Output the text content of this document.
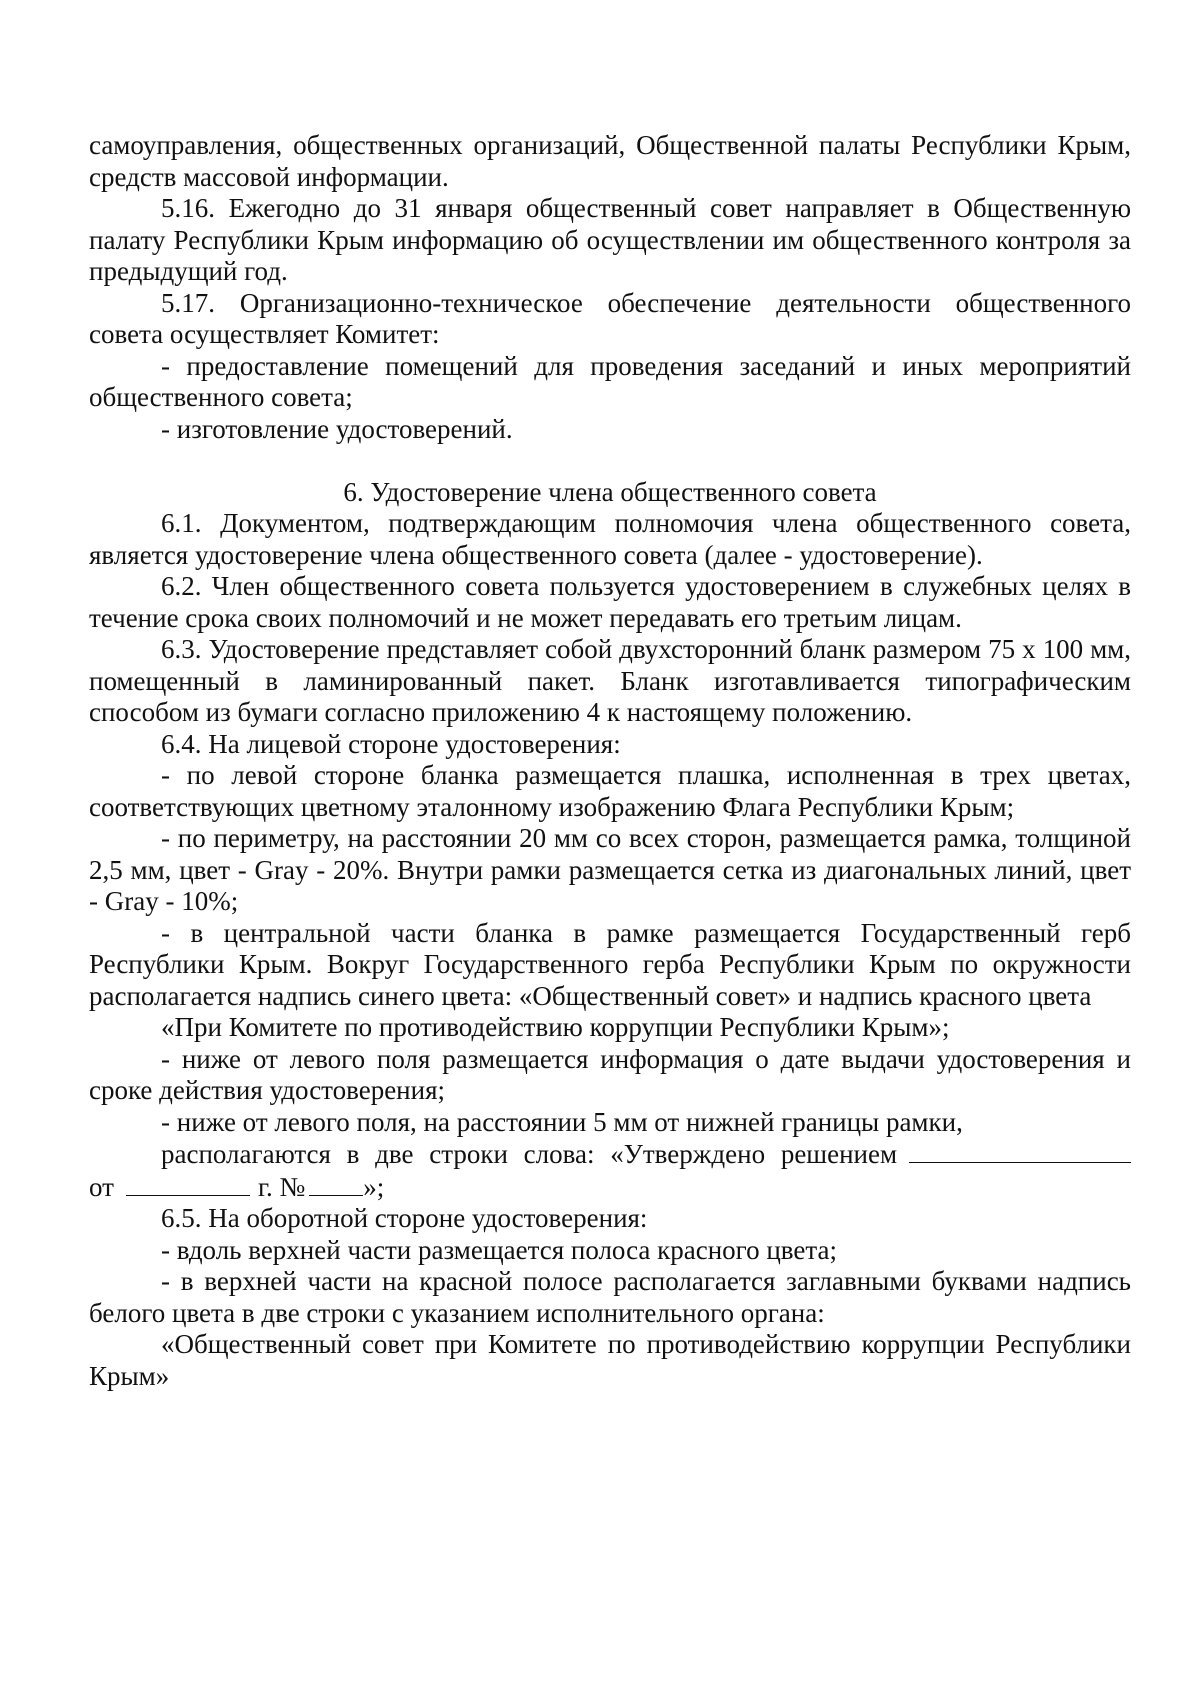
самоуправления, общественных организаций, Общественной палаты Республики Крым, средств массовой информации.

5.16. Ежегодно до 31 января общественный совет направляет в Общественную палату Республики Крым информацию об осуществлении им общественного контроля за предыдущий год.

5.17. Организационно-техническое обеспечение деятельности общественного совета осуществляет Комитет:

- предоставление помещений для проведения заседаний и иных мероприятий общественного совета;

- изготовление удостоверений.

6. Удостоверение члена общественного совета

6.1. Документом, подтверждающим полномочия члена общественного совета, является удостоверение члена общественного совета (далее - удостоверение).

6.2. Член общественного совета пользуется удостоверением в служебных целях в течение срока своих полномочий и не может передавать его третьим лицам.

6.3. Удостоверение представляет собой двухсторонний бланк размером 75 х 100 мм, помещенный в ламинированный пакет. Бланк изготавливается типографическим способом из бумаги согласно приложению 4 к настоящему положению.

6.4. На лицевой стороне удостоверения:

- по левой стороне бланка размещается плашка, исполненная в трех цветах, соответствующих цветному эталонному изображению Флага Республики Крым;

- по периметру, на расстоянии 20 мм со всех сторон, размещается рамка, толщиной 2,5 мм, цвет - Gray - 20%. Внутри рамки размещается сетка из диагональных линий, цвет - Gray - 10%;

- в центральной части бланка в рамке размещается Государственный герб Республики Крым. Вокруг Государственного герба Республики Крым по окружности располагается надпись синего цвета: «Общественный совет» и надпись красного цвета

«При Комитете по противодействию коррупции Республики Крым»;

- ниже от левого поля размещается информация о дате выдачи удостоверения и сроке действия удостоверения;

- ниже от левого поля, на расстоянии 5 мм от нижней границы рамки,

располагаются в две строки слова: «Утверждено решением
от	г. № »;

6.5. На оборотной стороне удостоверения:

- вдоль верхней части размещается полоса красного цвета;

- в верхней части на красной полосе располагается заглавными буквами надпись белого цвета в две строки с указанием исполнительного органа:

«Общественный совет при Комитете по противодействию коррупции Республики Крым»
